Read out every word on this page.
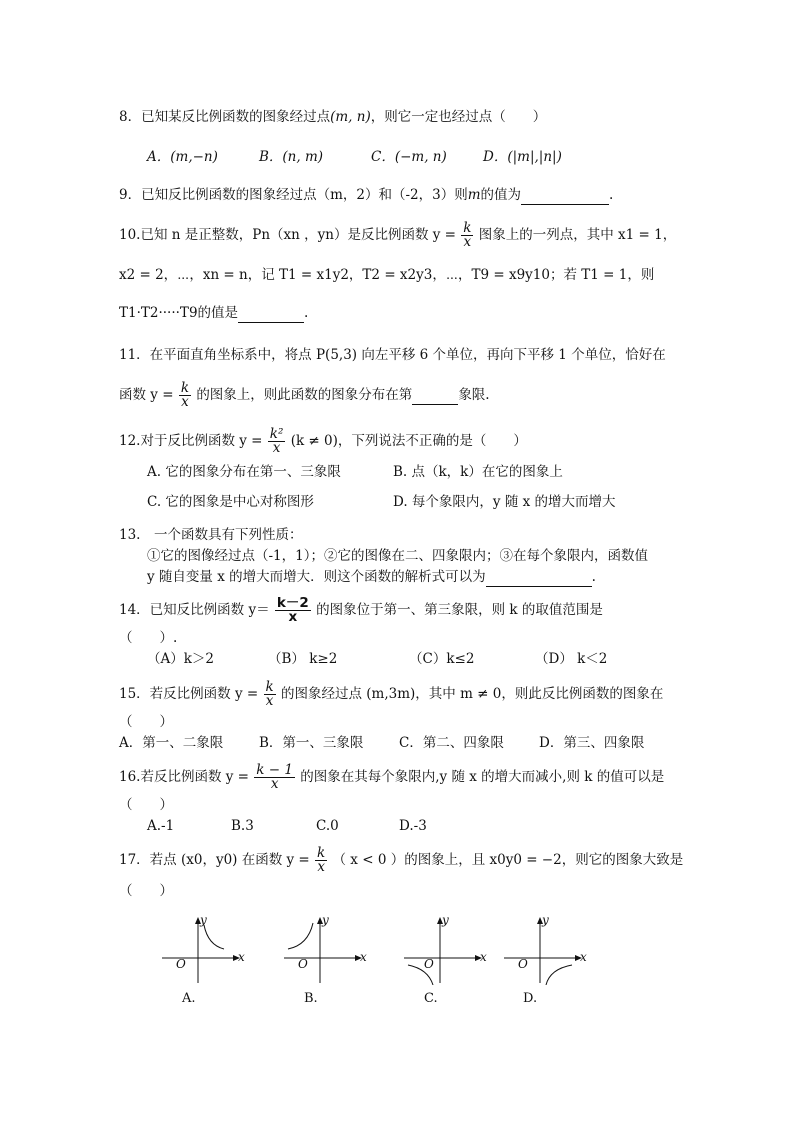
8．已知某反比例函数的图象经过点(m, n)，则它一定也经过点（　　）
A．(m,−n)	B．(n, m)	C．(−m, n)	D．(|m|,|n|)
9．已知反比例函数的图象经过点（m，2）和（-2，3）则m的值为	.
10.已知 n 是正整数，Pn（xn ，yn）是反比例函数 $y = \frac{k}{x}$ 图象上的一列点，其中 x1 = 1，
x2 = 2，⋯，xn = n，记 T1 = x1y2，T2 = x2y3，⋯，T9 = x9y10；若 T1 = 1，则
T1·T2·····T9的值是	.
11．在平面直角坐标系中，将点 P(5,3) 向左平移 6 个单位，再向下平移 1 个单位，恰好在
函数 $y = \frac{k}{x}$ 的图象上，则此函数的图象分布在第	象限.
12.对于反比例函数 $y = \frac{\text{k²}}{x} (k \ne 0)$，下列说法不正确的是（　　）
A. 它的图象分布在第一、三象限	B. 点（k，k）在它的图象上
C. 它的图象是中心对称图形	D. 每个象限内，y 随 x 的增大而增大
13.　一个函数具有下列性质：
①它的图像经过点（-1，1）；②它的图像在二、四象限内；③在每个象限内，函数值
y 随自变量 x 的增大而增大．则这个函数的解析式可以为	.
14．已知反比例函数 $y= \frac{k-2}{x}$ 的图象位于第一、第三象限，则 k 的取值范围是
（　　）.
（A）k＞2	（B） k≥2	（C）k≤2	（D） k＜2
15．若反比例函数 $y = \frac{k}{x}$ 的图象经过点 (m,3m)，其中 m ≠ 0，则此反比例函数的图象在
（　　）
A．第一、二象限	B．第一、三象限	C．第二、四象限	D．第三、四象限
16.若反比例函数 $y = \frac{k - 1}{x}$ 的图象在其每个象限内,y 随 x 的增大而减小,则 k 的值可以是
（　　）
A.-1	B.3	C.0	D.-3
17．若点 (x0，y0) 在函数 $y = \frac{k}{x}$ （ x < 0 ）的图象上，且 x0y0 = −2，则它的图象大致是
（　　）
y
x
O
A.
y
x
O
B.
y
x
O
C.
y
x
O
D.
